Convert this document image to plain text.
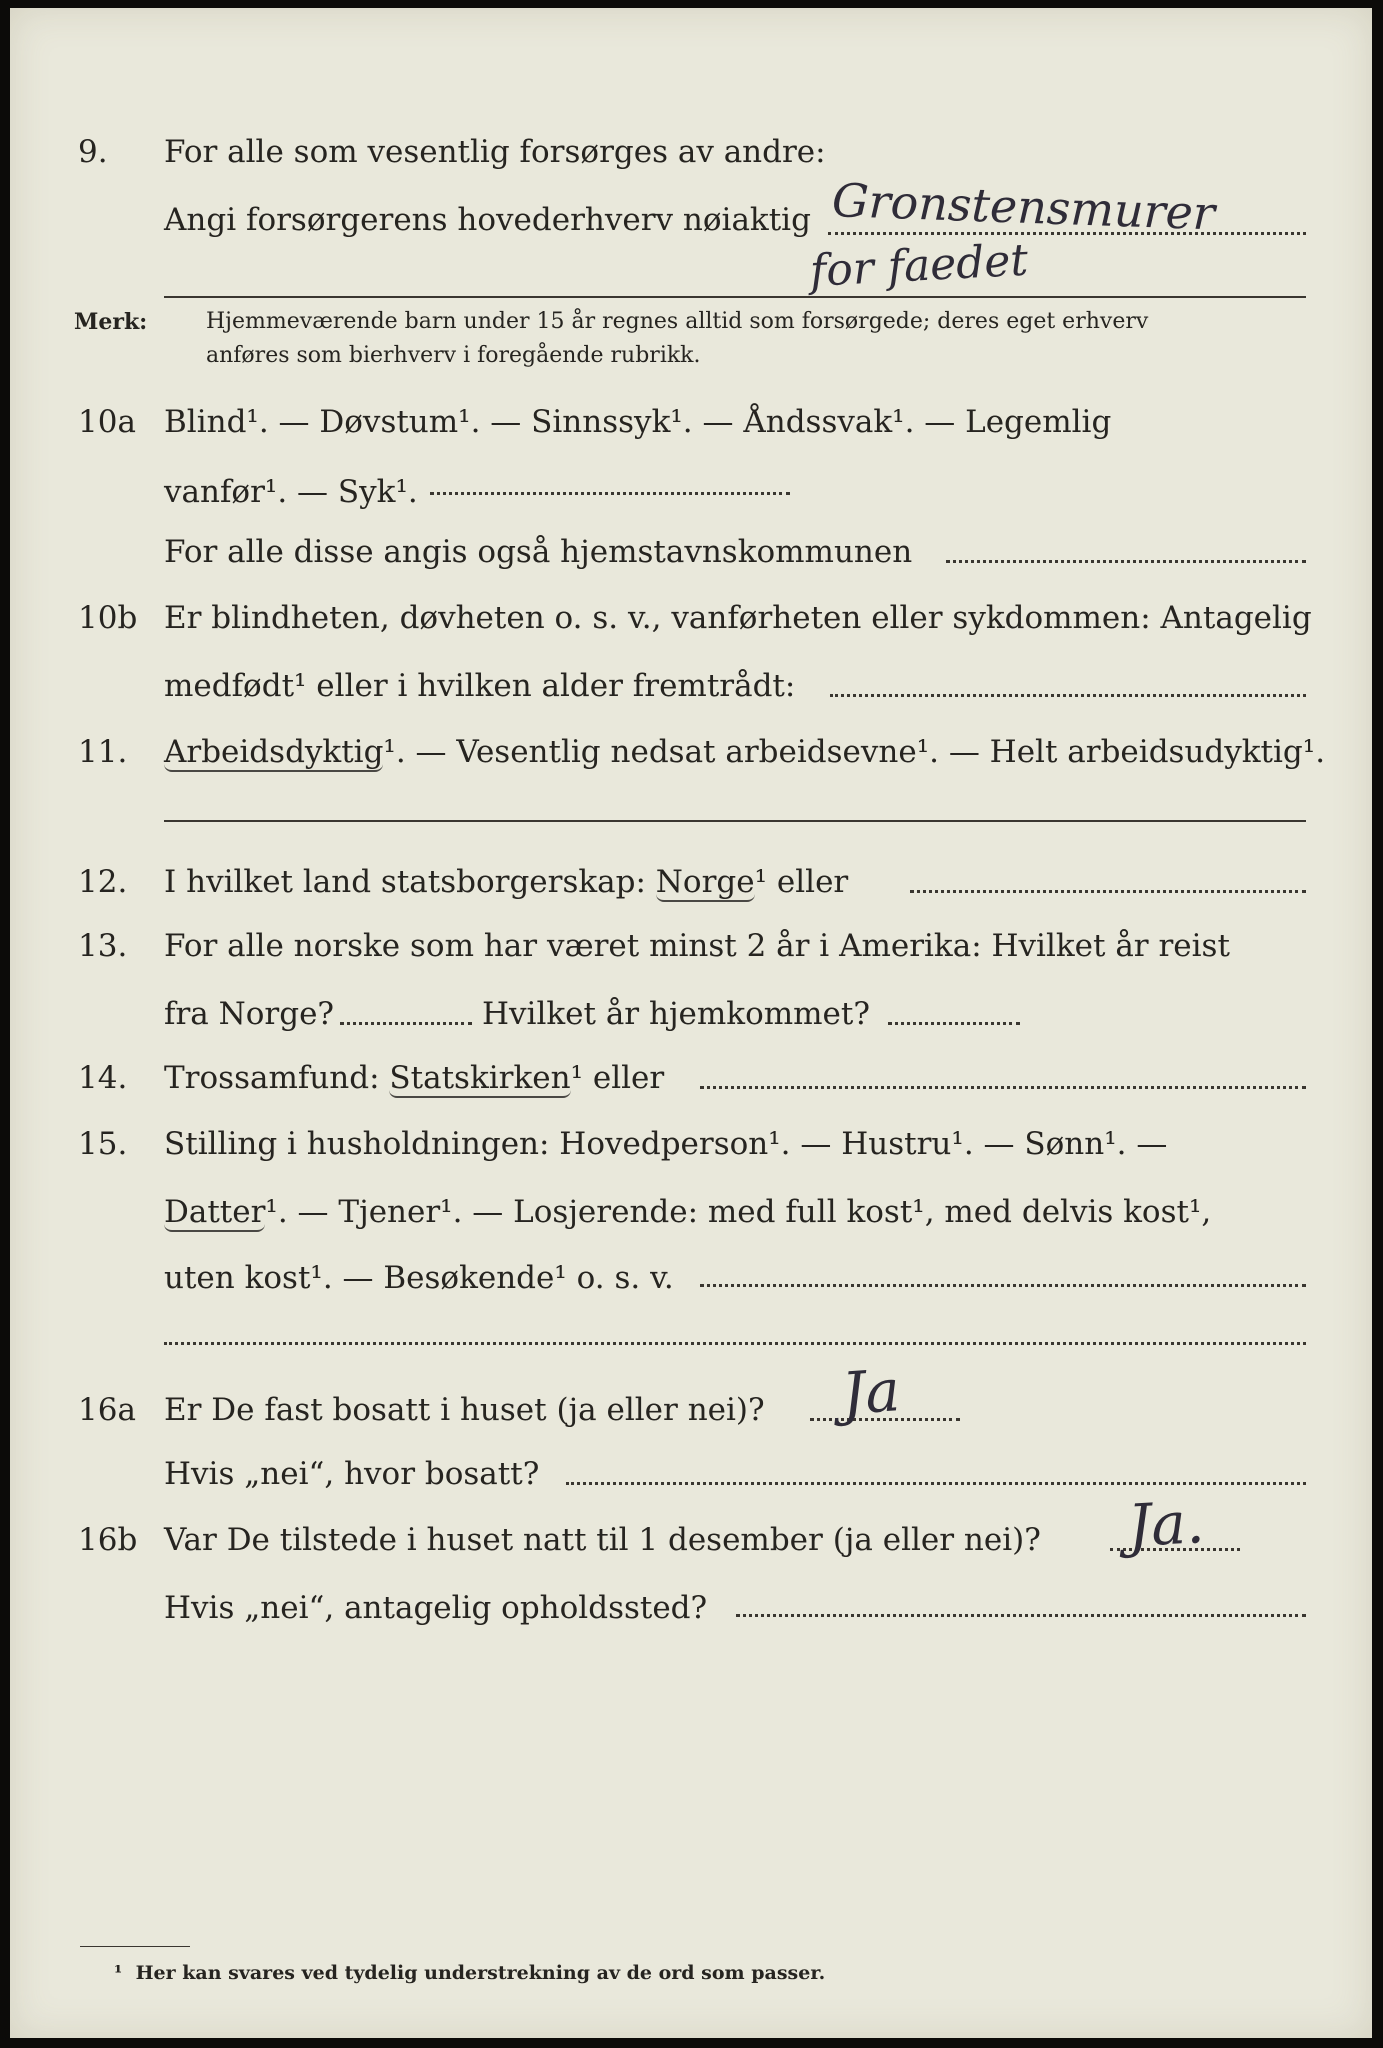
9. For alle som vesentlig forsørges av andre:
Angi forsørgerens hovederhverv nøiaktig Gronstensmurer
for faedet
Merk:	Hjemmeværende barn under 15 år regnes alltid som forsørgede; deres eget erhverv
anføres som bierhverv i foregående rubrikk.
10a Blind¹. — Døvstum¹. — Sinnssyk¹. — Åndssvak¹. — Legemlig
vanfør¹. — Syk¹.
For alle disse angis også hjemstavnskommunen
10b Er blindheten, døvheten o. s. v., vanførheten eller sykdommen: Antagelig
medfødt¹ eller i hvilken alder fremtrådt:
11. Arbeidsdyktig¹. — Vesentlig nedsat arbeidsevne¹. — Helt arbeidsudyktig¹.
12. I hvilket land statsborgerskap: Norge¹ eller
13. For alle norske som har været minst 2 år i Amerika: Hvilket år reist
fra Norge?	Hvilket år hjemkommet?
14. Trossamfund: Statskirken¹ eller
15. Stilling i husholdningen: Hovedperson¹. — Hustru¹. — Sønn¹. —
Datter¹. — Tjener¹. — Losjerende: med full kost¹, med delvis kost¹,
uten kost¹. — Besøkende¹ o. s. v.
16a Er De fast bosatt i huset (ja eller nei)? Ja
Hvis „nei“, hvor bosatt?
16b Var De tilstede i huset natt til 1 desember (ja eller nei)? Ja.
Hvis „nei“, antagelig opholdssted?
¹ Her kan svares ved tydelig understrekning av de ord som passer.
